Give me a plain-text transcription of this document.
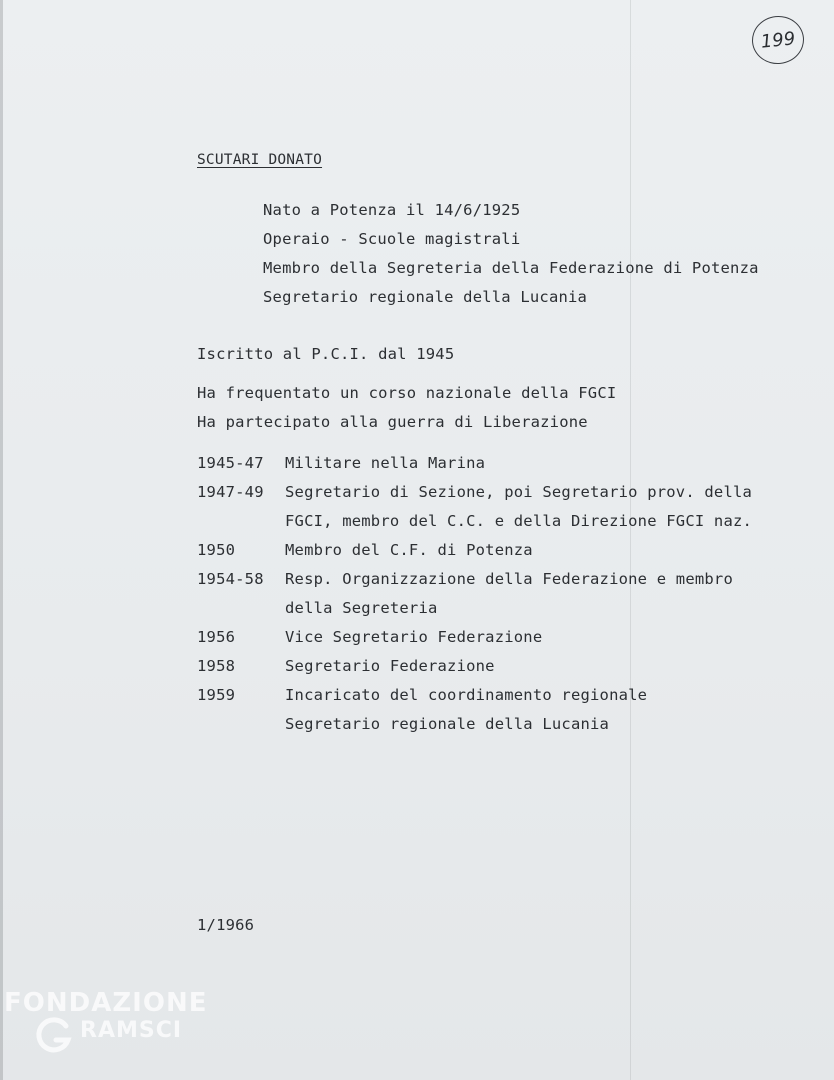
199
SCUTARI DONATO
Nato a Potenza il 14/6/1925
Operaio - Scuole magistrali
Membro della Segreteria della Federazione di Potenza
Segretario regionale della Lucania
Iscritto al P.C.I. dal 1945
Ha frequentato un corso nazionale della FGCI
Ha partecipato alla guerra di Liberazione
1945-47 Militare nella Marina
1947-49 Segretario di Sezione, poi Segretario prov. della
FGCI, membro del C.C. e della Direzione FGCI naz.
1950	Membro del C.F. di Potenza
1954-58 Resp. Organizzazione della Federazione e membro
della Segreteria
1956	Vice Segretario Federazione
1958	Segretario Federazione
1959	Incaricato del coordinamento regionale
Segretario regionale della Lucania
1/1966
FONDAZIONE
RAMSCI
